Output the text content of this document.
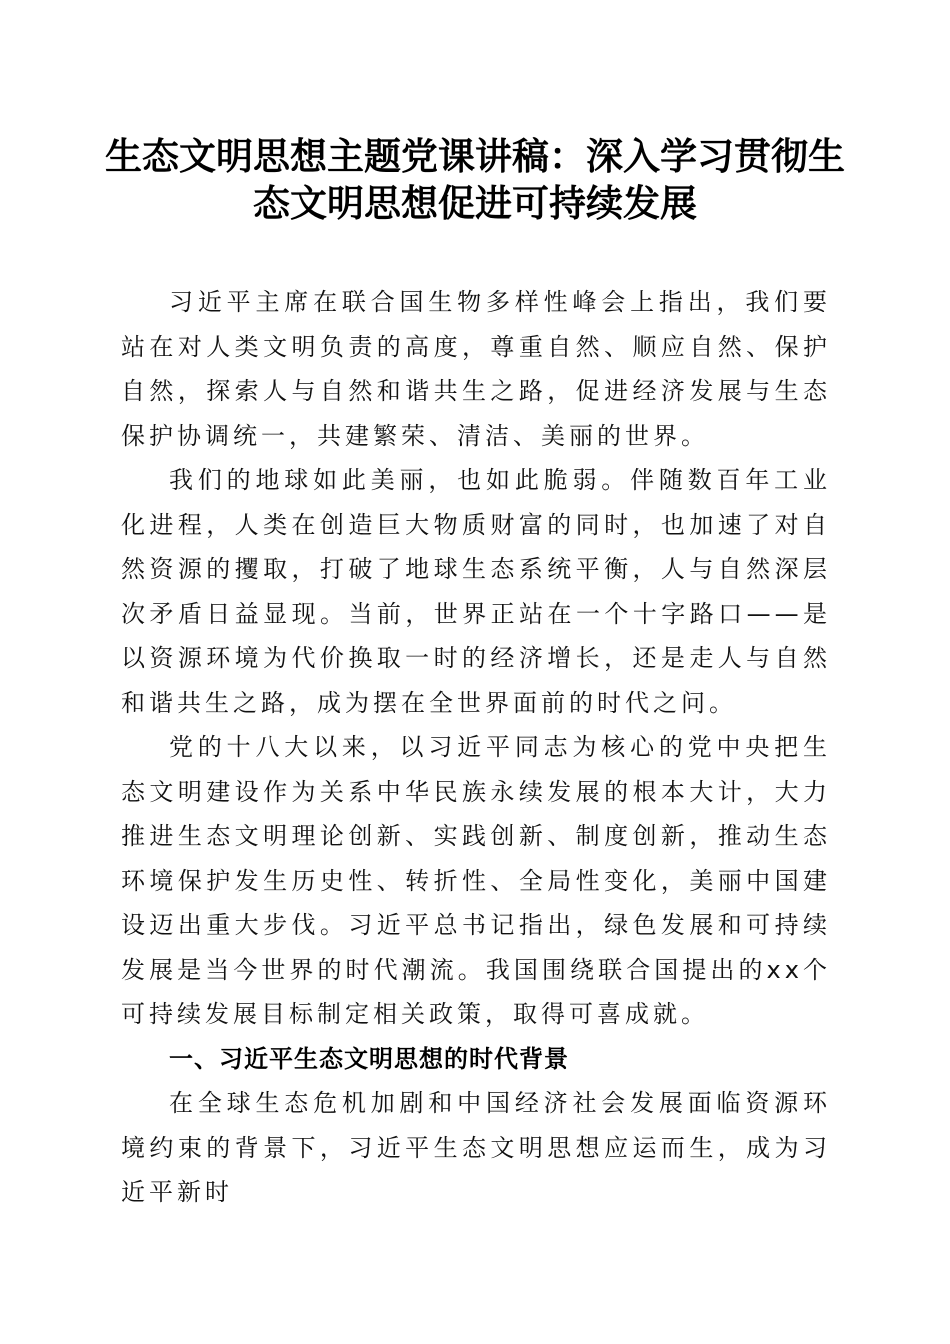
生态文明思想主题党课讲稿：深入学习贯彻生
态文明思想促进可持续发展

习近平主席在联合国生物多样性峰会上指出，我们要站在对人类文明负责的高度，尊重自然、顺应自然、保护自然，探索人与自然和谐共生之路，促进经济发展与生态保护协调统一，共建繁荣、清洁、美丽的世界。

我们的地球如此美丽，也如此脆弱。伴随数百年工业化进程，人类在创造巨大物质财富的同时，也加速了对自然资源的攫取，打破了地球生态系统平衡，人与自然深层次矛盾日益显现。当前，世界正站在一个十字路口——是以资源环境为代价换取一时的经济增长，还是走人与自然和谐共生之路，成为摆在全世界面前的时代之问。

党的十八大以来，以习近平同志为核心的党中央把生态文明建设作为关系中华民族永续发展的根本大计，大力推进生态文明理论创新、实践创新、制度创新，推动生态环境保护发生历史性、转折性、全局性变化，美丽中国建设迈出重大步伐。习近平总书记指出，绿色发展和可持续发展是当今世界的时代潮流。我国围绕联合国提出的xx个可持续发展目标制定相关政策，取得可喜成就。

一、习近平生态文明思想的时代背景

在全球生态危机加剧和中国经济社会发展面临资源环境约束的背景下，习近平生态文明思想应运而生，成为习近平新时
